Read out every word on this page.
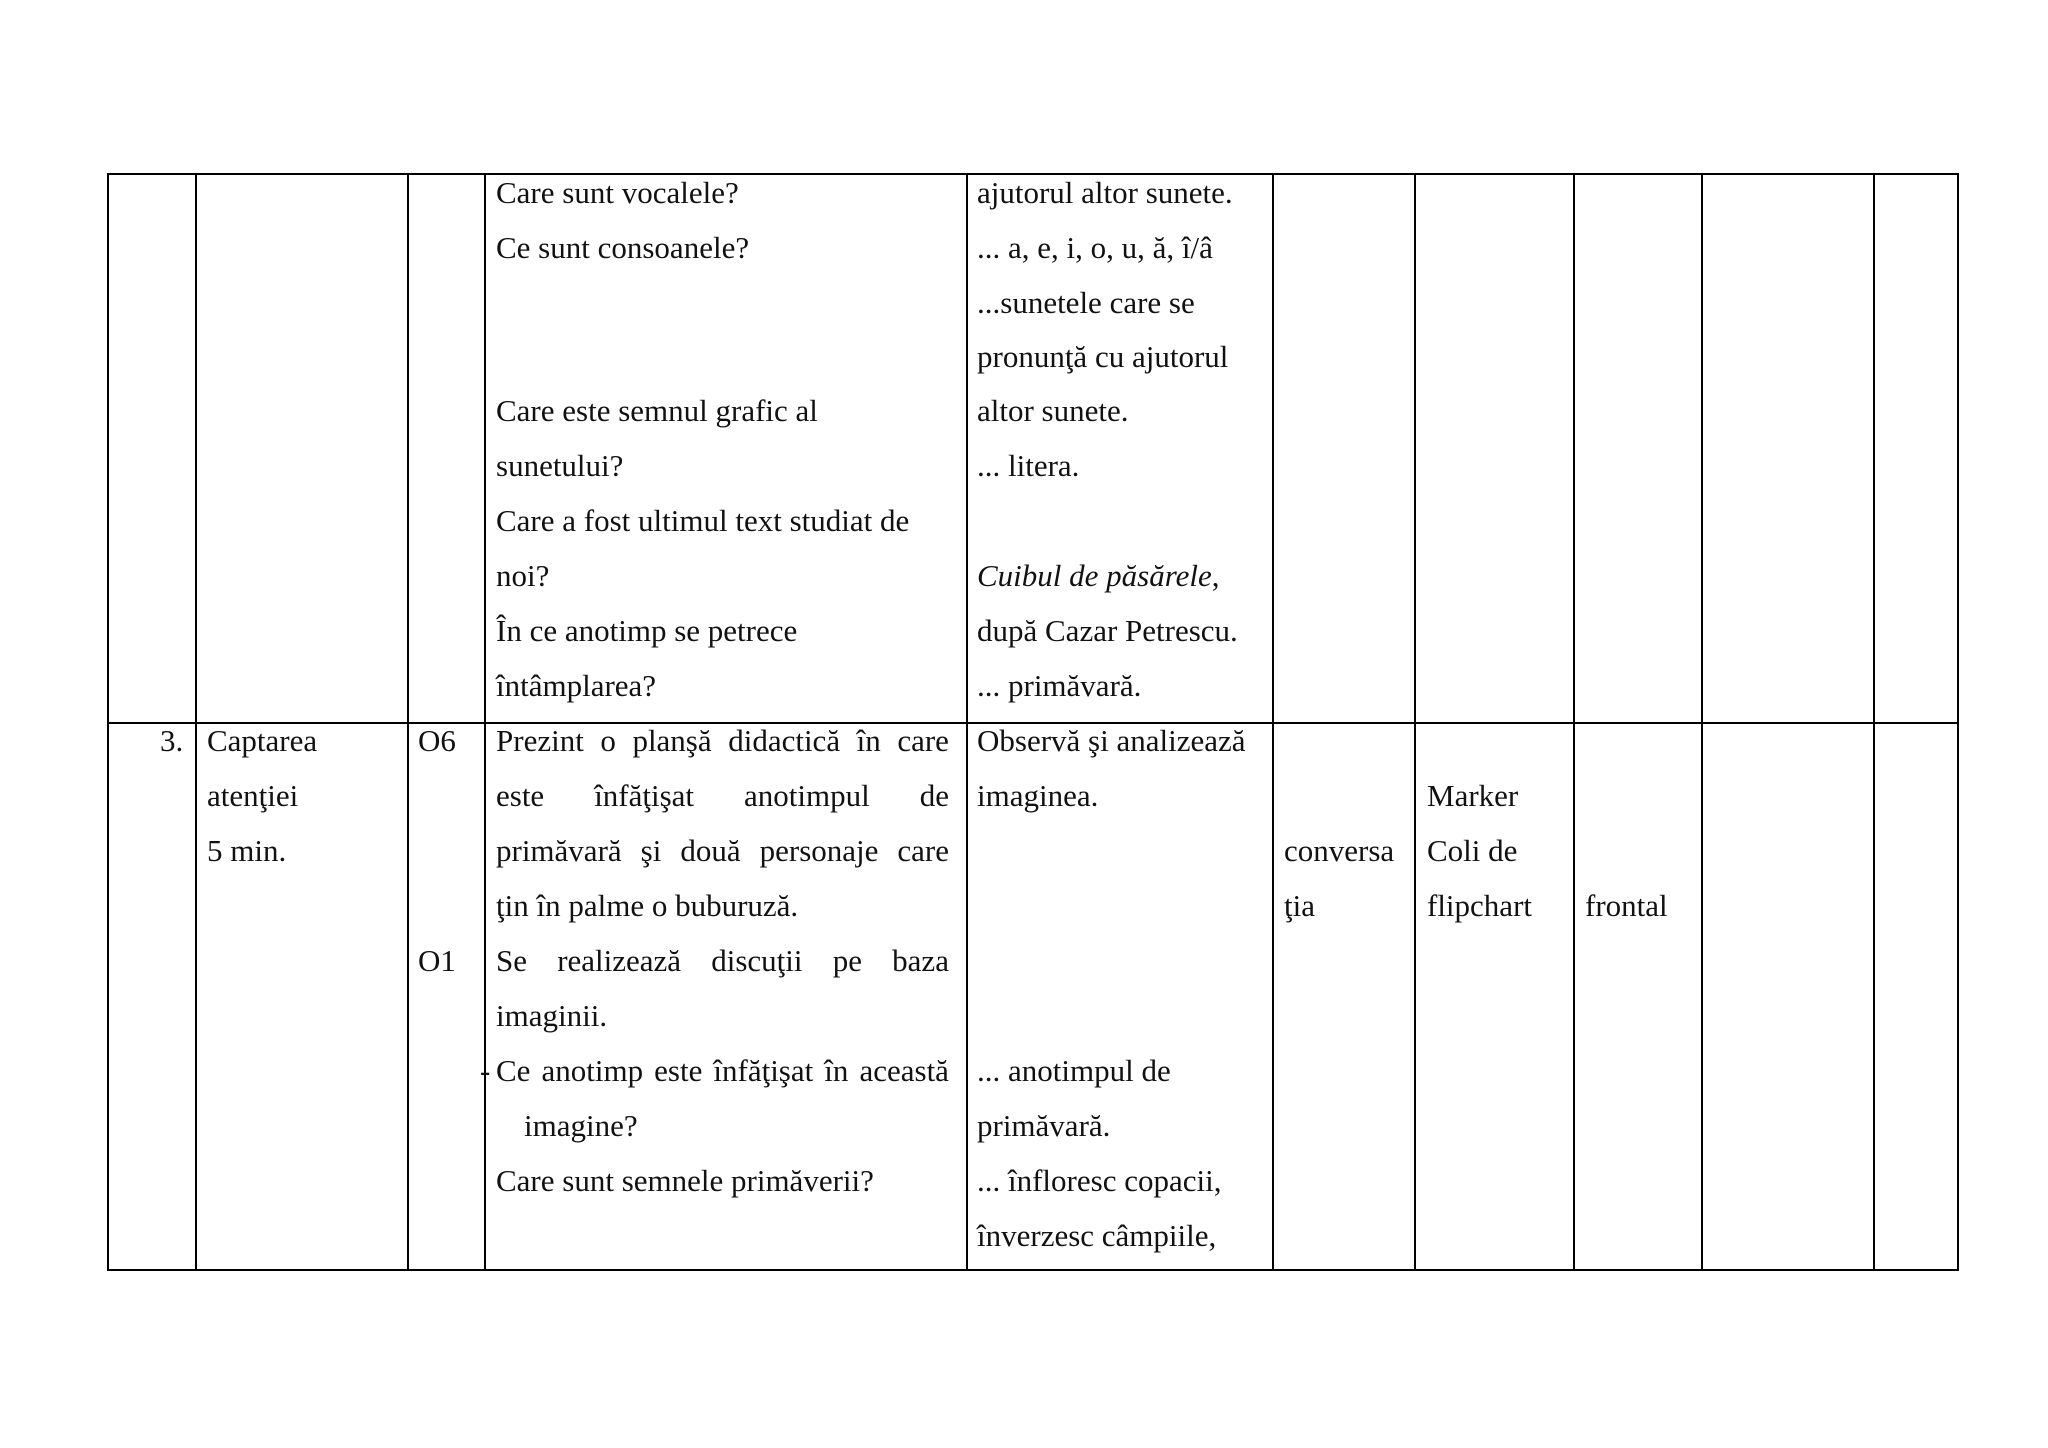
Care sunt vocalele?
Ce sunt consoanele?
Care este semnul grafic al
sunetului?
Care a fost ultimul text studiat de
noi?
În ce anotimp se petrece
întâmplarea?
ajutorul altor sunete.
... a, e, i, o, u, ă, î/â
...sunetele care se
pronunţă cu ajutorul
altor sunete.
... litera.
Cuibul de păsărele,
după Cazar Petrescu.
... primăvară.
3. Captarea
atenţiei
5 min.
O6
O1
Prezint o planşă didactică în care
este înfăţişat anotimpul de
primăvară şi două personaje care
ţin în palme o buburuză.
Se realizează discuţii pe baza
imaginii.
- Ce anotimp este înfăţişat în această
imagine?
Care sunt semnele primăverii?
Observă şi analizează
imaginea.
... anotimpul de
primăvară.
... înfloresc copacii,
înverzesc câmpiile,
conversa
ţia
Marker
Coli de
flipchart frontal
